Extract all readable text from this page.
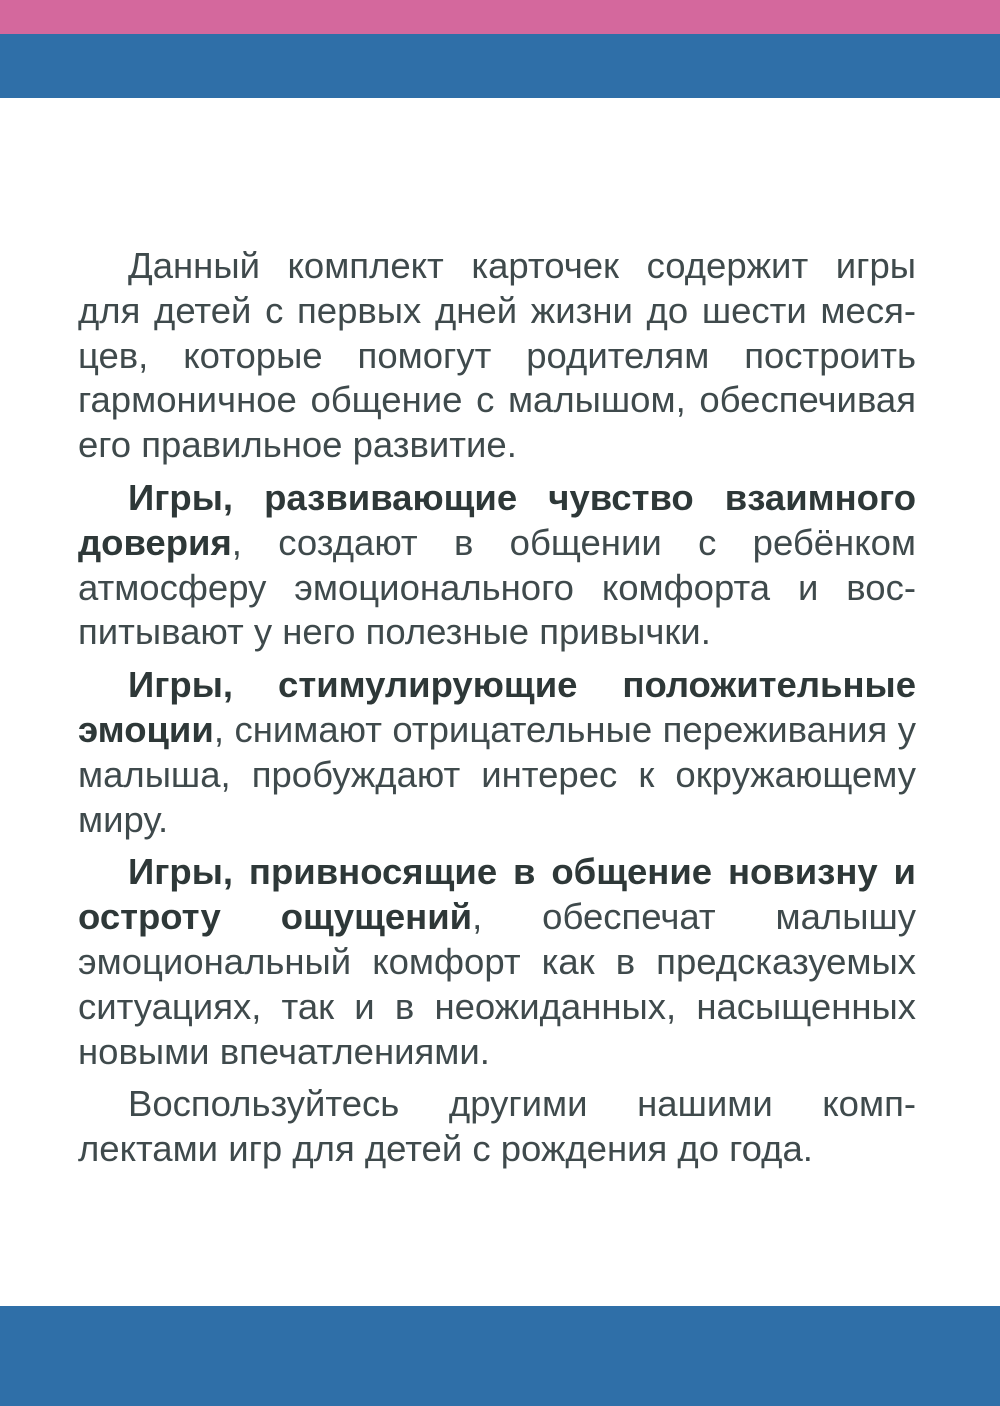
Данный комплект карточек содержит игры для детей с первых дней жизни до шести месяцев, которые помогут родителям построить гармоничное общение с малышом, обеспечивая его правильное развитие.

Игры, развивающие чувство взаимного доверия, создают в общении с ребёнком атмосферу эмоционального комфорта и воспитывают у него полезные привычки.

Игры, стимулирующие положительные эмоции, снимают отрицательные переживания у малыша, пробуждают интерес к окружающему миру.

Игры, привносящие в общение новизну и остроту ощущений, обеспечат малышу эмоциональный комфорт как в предсказуемых ситуациях, так и в неожиданных, насыщенных новыми впечатлениями.

Воспользуйтесь другими нашими комплектами игр для детей с рождения до года.
